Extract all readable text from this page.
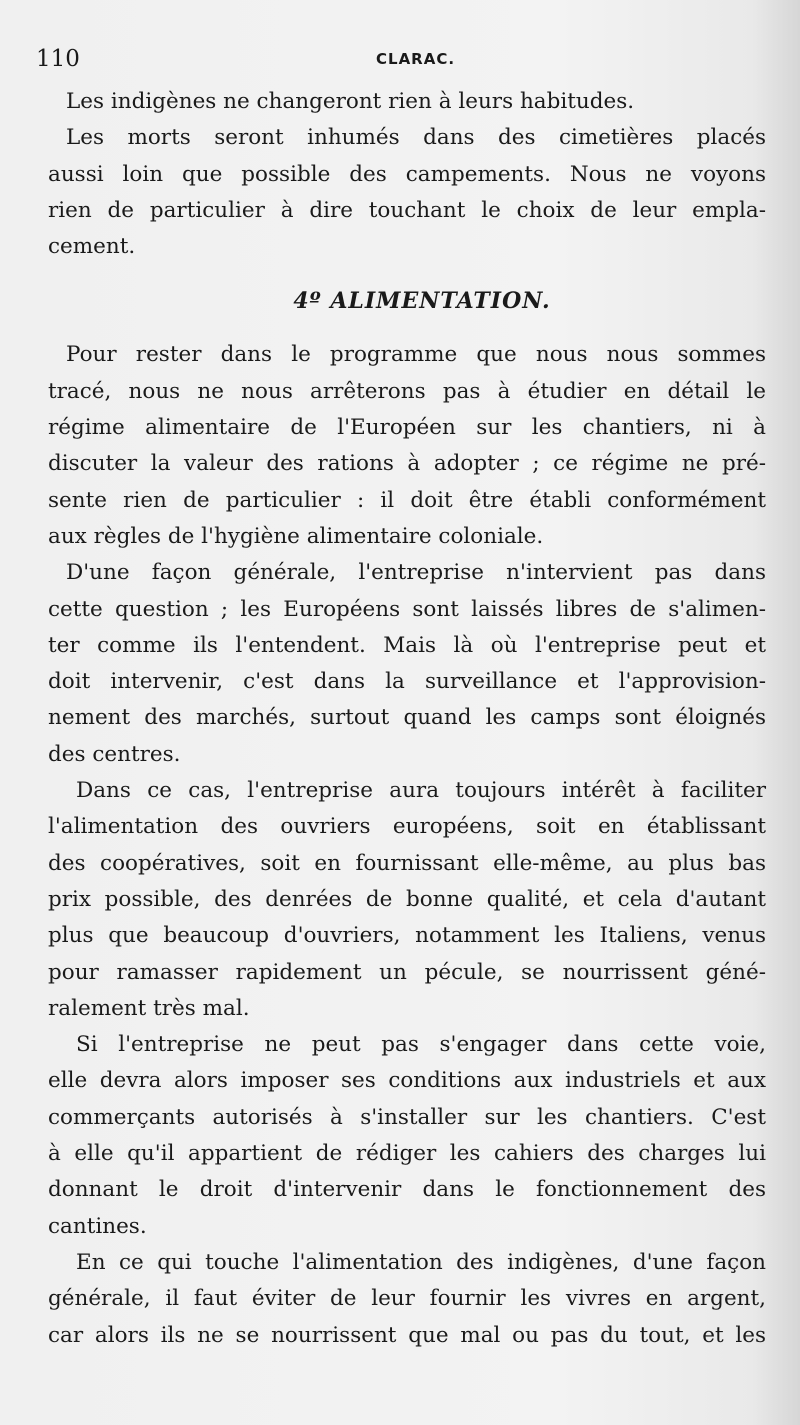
110	CLARAC.
Les indigènes ne changeront rien à leurs habitudes.
Les morts seront inhumés dans des cimetières placés
aussi loin que possible des campements. Nous ne voyons
rien de particulier à dire touchant le choix de leur empla-
cement.
4º ALIMENTATION.
Pour rester dans le programme que nous nous sommes
tracé, nous ne nous arrêterons pas à étudier en détail le
régime alimentaire de l'Européen sur les chantiers, ni à
discuter la valeur des rations à adopter ; ce régime ne pré-
sente rien de particulier : il doit être établi conformément
aux règles de l'hygiène alimentaire coloniale.
D'une façon générale, l'entreprise n'intervient pas dans
cette question ; les Européens sont laissés libres de s'alimen-
ter comme ils l'entendent. Mais là où l'entreprise peut et
doit intervenir, c'est dans la surveillance et l'approvision-
nement des marchés, surtout quand les camps sont éloignés
des centres.
Dans ce cas, l'entreprise aura toujours intérêt à faciliter
l'alimentation des ouvriers européens, soit en établissant
des coopératives, soit en fournissant elle-même, au plus bas
prix possible, des denrées de bonne qualité, et cela d'autant
plus que beaucoup d'ouvriers, notamment les Italiens, venus
pour ramasser rapidement un pécule, se nourrissent géné-
ralement très mal.
Si l'entreprise ne peut pas s'engager dans cette voie,
elle devra alors imposer ses conditions aux industriels et aux
commerçants autorisés à s'installer sur les chantiers. C'est
à elle qu'il appartient de rédiger les cahiers des charges lui
donnant le droit d'intervenir dans le fonctionnement des
cantines.
En ce qui touche l'alimentation des indigènes, d'une façon
générale, il faut éviter de leur fournir les vivres en argent,
car alors ils ne se nourrissent que mal ou pas du tout, et les
